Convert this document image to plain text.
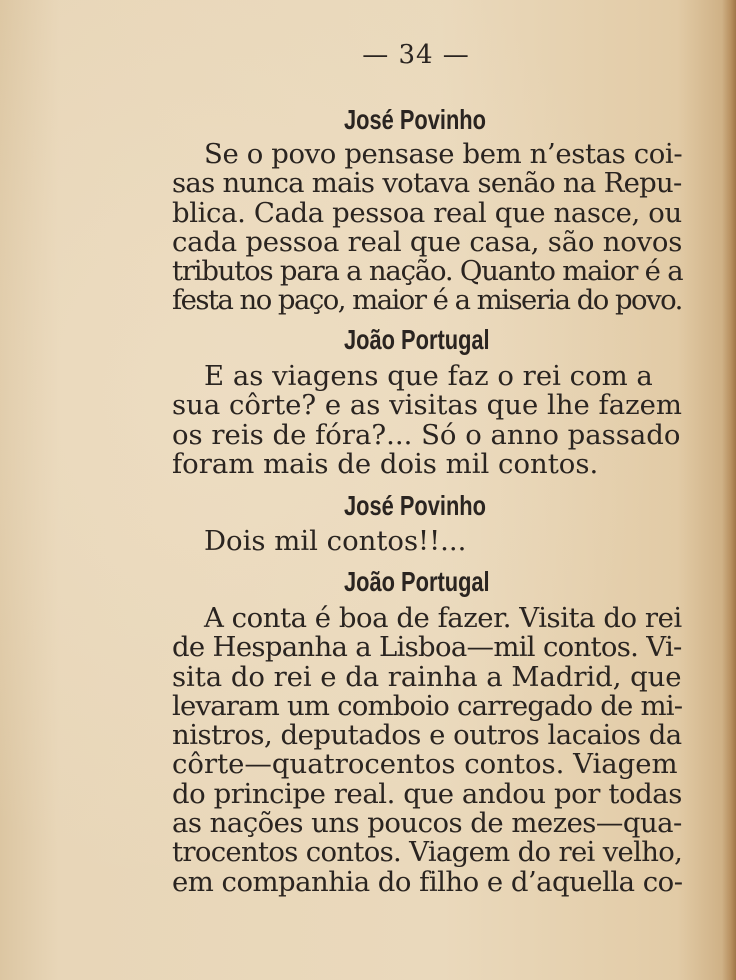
— 34 —
José Povinho
Se o povo pensase bem n’estas coi-
sas nunca mais votava senão na Repu-
blica. Cada pessoa real que nasce, ou
cada pessoa real que casa, são novos
tributos para a nação. Quanto maior é a
festa no paço, maior é a miseria do povo.
João Portugal
E as viagens que faz o rei com a
sua côrte? e as visitas que lhe fazem
os reis de fóra?... Só o anno passado
foram mais de dois mil contos.
José Povinho
Dois mil contos!!...
João Portugal
A conta é boa de fazer. Visita do rei
de Hespanha a Lisboa—mil contos. Vi-
sita do rei e da rainha a Madrid, que
levaram um comboio carregado de mi-
nistros, deputados e outros lacaios da
côrte—quatrocentos contos. Viagem
do principe real. que andou por todas
as nações uns poucos de mezes—qua-
trocentos contos. Viagem do rei velho,
em companhia do filho e d’aquella co-
